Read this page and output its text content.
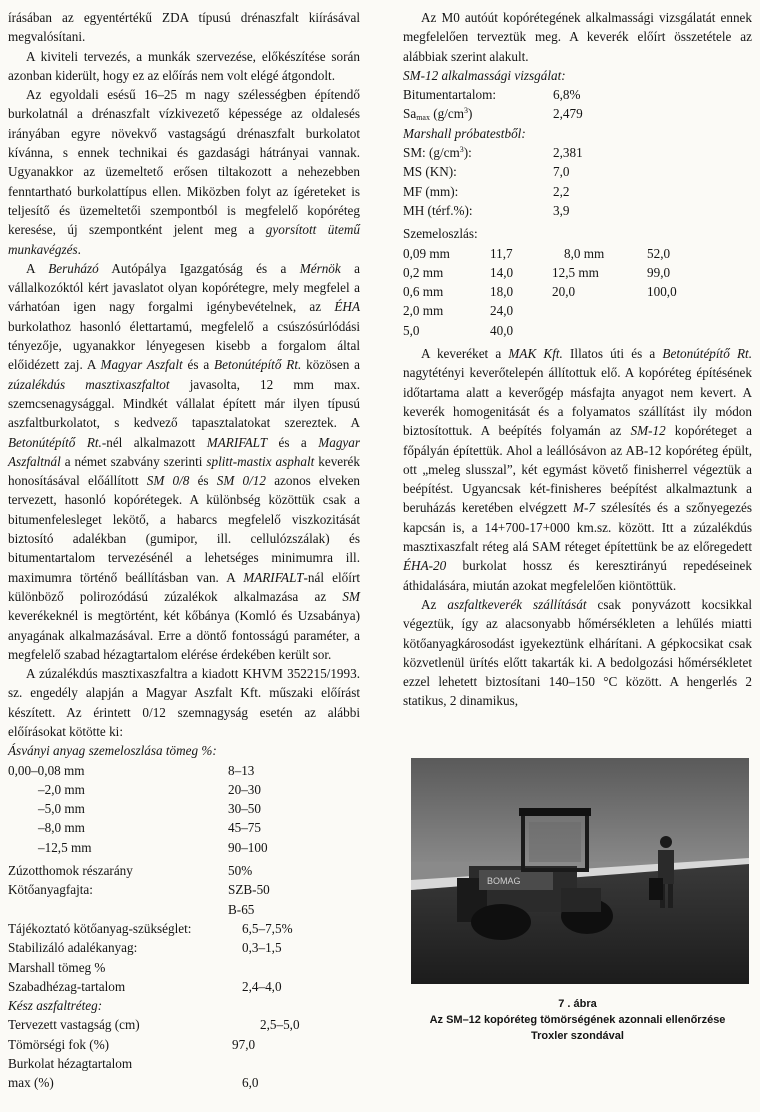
írásában az egyentértékű ZDA típusú drénaszfalt kiírásával megvalósítani.

A kiviteli tervezés, a munkák szervezése, előkészítése során azonban kiderült, hogy ez az előírás nem volt elégé átgondolt.

Az egyoldali esésű 16–25 m nagy szélességben építendő burkolatnál a drénaszfalt vízkivezető képessége az oldalesés irányában egyre növekvő vastagságú drénaszfalt burkolatot kívánna, s ennek technikai és gazdasági hátrányai vannak. Ugyanakkor az üzemeltető erősen tiltakozott a nehezebben fenntartható burkolattípus ellen. Miközben folyt az ígéreteket is teljesítő és üzemeltetői szempontból is megfelelő kopóréteg keresése, új szempontként jelent meg a gyorsított ütemű munkavégzés.

A Beruházó Autópálya Igazgatóság és a Mérnök a vállalkozóktól kért javaslatot olyan kopórétegre, mely megfelel a várhatóan igen nagy forgalmi igénybevételnek, az ÉHA burkolathoz hasonló élettartamú, megfelelő a csúszósúrlódási tényezője, ugyanakkor lényegesen kisebb a forgalom által előidézett zaj. A Magyar Aszfalt és a Betonútépítő Rt. közösen a zúzalékdús masztixaszfaltot javasolta, 12 mm max. szemcsenagysággal. Mindkét vállalat épített már ilyen típusú aszfaltburkolatot, s kedvező tapasztalatokat szereztek. A Betonútépítő Rt.-nél alkalmazott MARIFALT és a Magyar Aszfaltnál a német szabvány szerinti splitt-mastix asphalt keverék honosításával előállított SM 0/8 és SM 0/12 azonos elveken tervezett, hasonló kopórétegek. A különbség közöttük csak a bitumenfelesleget lekötő, a habarcs megfelelő viszkozitását biztosító adalékban (gumipor, ill. cellulózszálak) és bitumentartalom tervezésénél a lehetséges minimumra ill. maximumra történő beállításban van. A MARIFALT-nál előírt különböző polirozódású zúzalékok alkalmazása az SM keverékeknél is megtörtént, két kőbánya (Komló és Uzsabánya) anyagának alkalmazásával. Erre a döntő fontosságú paraméter, a megfelelő szabad hézagtartalom elérése érdekében került sor.

A zúzalékdús masztixaszfaltra a kiadott KHVM 352215/1993. sz. engedély alapján a Magyar Aszfalt Kft. műszaki előírást készített. Az érintett 0/12 szemnagyság esetén az alábbi előírásokat kötötte ki:

Ásványi anyag szemeloszlása tömeg %:
0,00–0,08 mm	8–13
–2,0 mm	20–30
–5,0 mm	30–50
–8,0 mm	45–75
–12,5 mm	90–100
Zúzotthomok részarány	50%
Kötőanyagfajta:	SZB-50
B-65
Tájékoztató kötőanyag-szükséglet:	6,5–7,5%
Stabilizáló adalékanyag:	0,3–1,5
Marshall tömeg %
Szabadhézag-tartalom	2,4–4,0
Kész aszfaltréteg:
Tervezett vastagság (cm)	2,5–5,0
Tömörségi fok (%)	97,0
Burkolat hézagtartalom
max (%)	6,0

Az M0 autóút kopórétegének alkalmassági vizsgálatát ennek megfelelően terveztük meg. A keverék előírt összetétele az alábbiak szerint alakult.

SM-12 alkalmassági vizsgálat:
Bitumentartalom:	6,8%
$Sa_{max}$ $(g/cm^3)$	2,479
Marshall próbatestből:
SM: $(g/cm^3)$:	2,381
MS (KN):	7,0
MF (mm):	2,2
MH (térf.%):	3,9
Szemeloszlás:
0,09 mm	11,7	8,0 mm	52,0
0,2 mm	14,0	12,5 mm	99,0
0,6 mm	18,0	20,0	100,0
2,0 mm	24,0
5,0	40,0

A keveréket a MAK Kft. Illatos úti és a Betonútépítő Rt. nagytétényi keverőtelepén állítottuk elő. A kopóréteg építésének időtartama alatt a keverőgép másfajta anyagot nem kevert. A keverék homogenitását és a folyamatos szállítást ily módon biztosítottuk. A beépítés folyamán az SM-12 kopóréteget a főpályán építettük. Ahol a leállósávon az AB-12 kopóréteg épült, ott „meleg slusszal”, két egymást követő finisherrel végeztük a beépítést. Ugyancsak két-finisheres beépítést alkalmaztunk a beruházás keretében elvégzett M-7 szélesítés és a szőnyegezés kapcsán is, a 14+700-17+000 km.sz. között. Itt a zúzalékdús masztixaszfalt réteg alá SAM réteget építettünk be az előregedett ÉHA-20 burkolat hossz és keresztirányú repedéseinek áthidalására, miután azokat megfelelően kiöntöttük.

Az aszfaltkeverék szállítását csak ponyvázott kocsikkal végeztük, így az alacsonyabb hőmérsékleten a lehűlés miatti kötőanyagkárosodást igyekeztünk elhárítani. A gépkocsikat csak közvetlenül ürítés előtt takarták ki. A bedolgozási hőmérsékletet ezzel lehetett biztosítani 140–150 °C között. A hengerlés 2 statikus, 2 dinamikus,

BOMAG
7 . ábra
Az SM–12 kopóréteg tömörségének azonnali ellenőrzése
Troxler szondával
